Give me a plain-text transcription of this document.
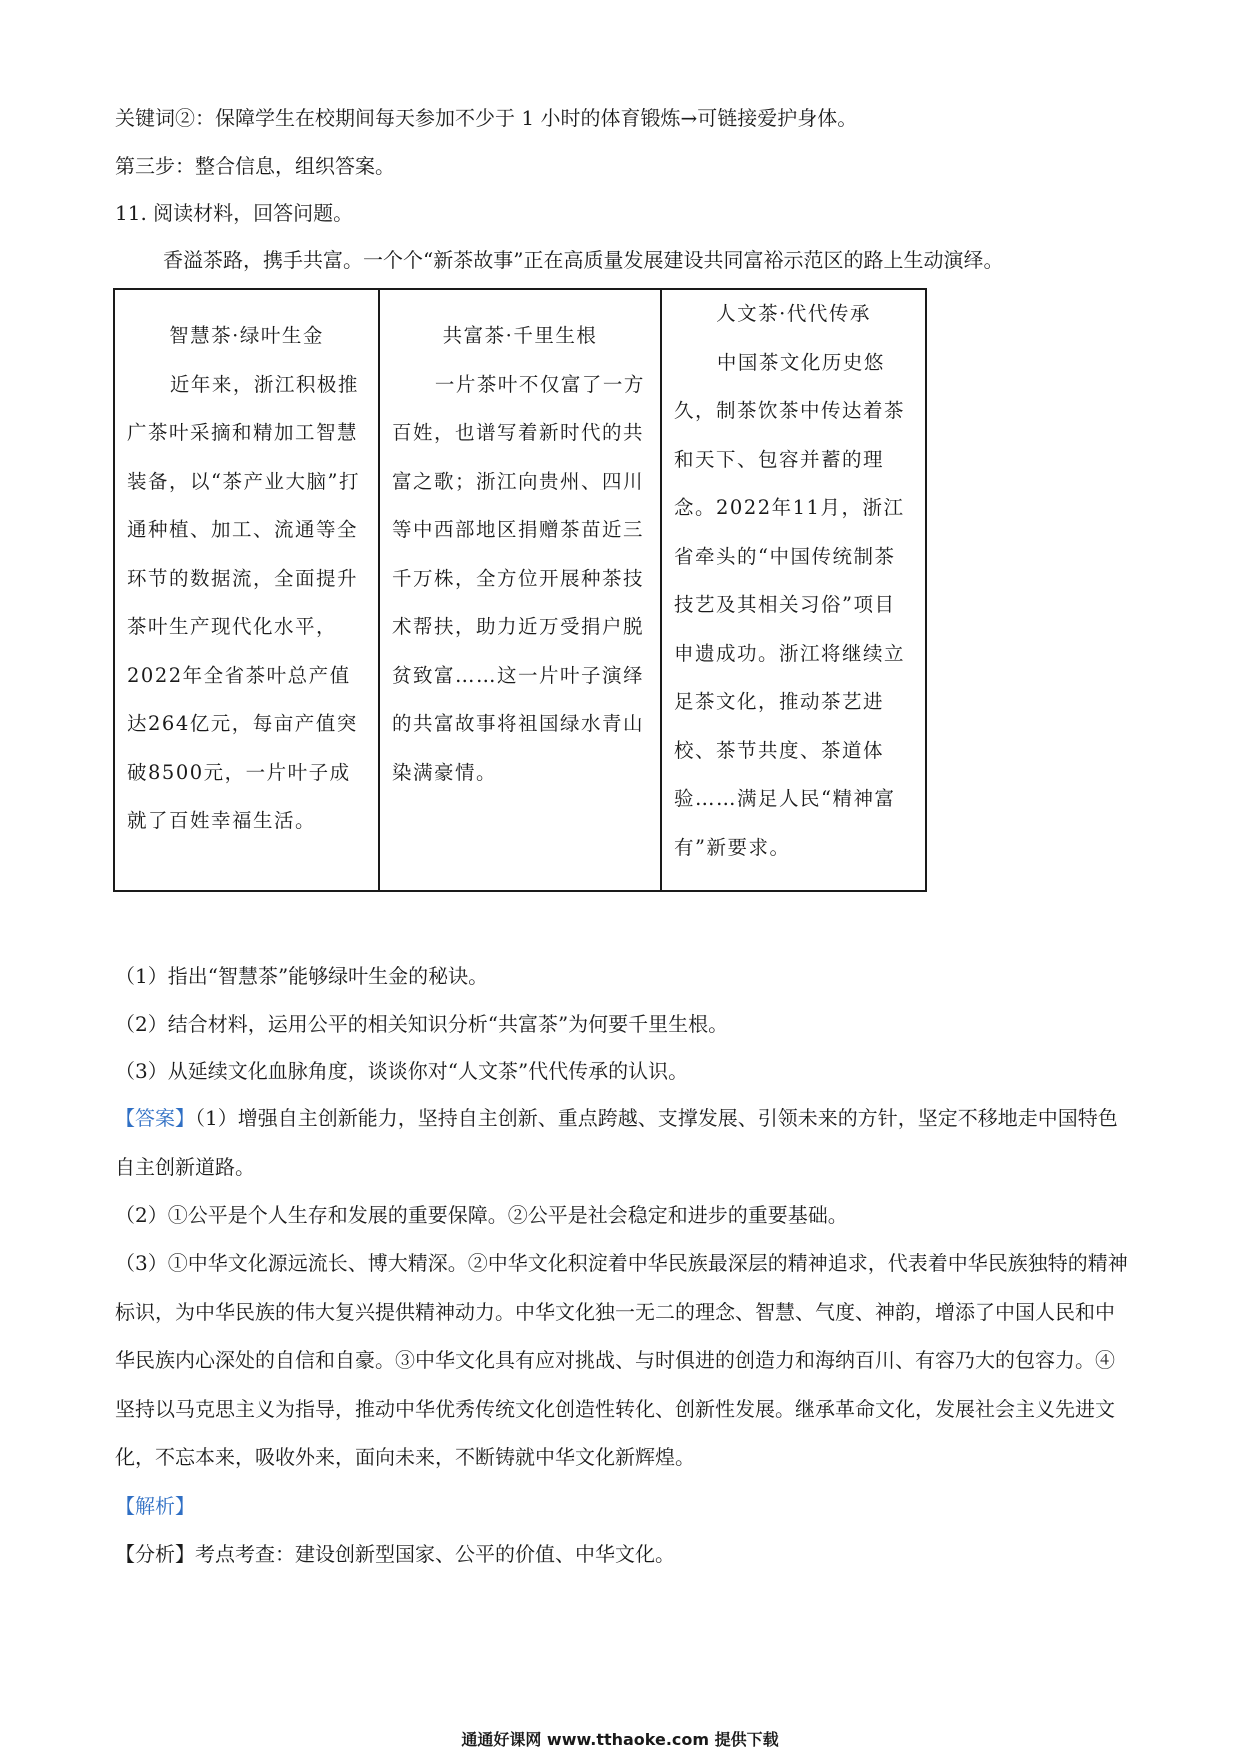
关键词②：保障学生在校期间每天参加不少于 1 小时的体育锻炼→可链接爱护身体。
第三步：整合信息，组织答案。
11. 阅读材料，回答问题。
香溢茶路，携手共富。一个个“新茶故事”正在高质量发展建设共同富裕示范区的路上生动演绎。
智慧茶·绿叶生金
近年来，浙江积极推广茶叶采摘和精加工智慧装备，以“茶产业大脑”打通种植、加工、流通等全环节的数据流，全面提升茶叶生产现代化水平，2022年全省茶叶总产值达264亿元，每亩产值突破8500元，一片叶子成就了百姓幸福生活。
共富茶·千里生根
一片茶叶不仅富了一方百姓，也谱写着新时代的共富之歌；浙江向贵州、四川等中西部地区捐赠茶苗近三千万株，全方位开展种茶技术帮扶，助力近万受捐户脱贫致富……这一片叶子演绎的共富故事将祖国绿水青山染满豪情。
人文茶·代代传承
中国茶文化历史悠久，制茶饮茶中传达着茶和天下、包容并蓄的理念。2022年11月，浙江省牵头的“中国传统制茶技艺及其相关习俗”项目申遗成功。浙江将继续立足茶文化，推动茶艺进校、茶节共度、茶道体验……满足人民“精神富有”新要求。
（1）指出“智慧茶”能够绿叶生金的秘诀。
（2）结合材料，运用公平的相关知识分析“共富茶”为何要千里生根。
（3）从延续文化血脉角度，谈谈你对“人文茶”代代传承的认识。
【答案】（1）增强自主创新能力，坚持自主创新、重点跨越、支撑发展、引领未来的方针，坚定不移地走中国特色自主创新道路。
（2）①公平是个人生存和发展的重要保障。②公平是社会稳定和进步的重要基础。
（3）①中华文化源远流长、博大精深。②中华文化积淀着中华民族最深层的精神追求，代表着中华民族独特的精神标识，为中华民族的伟大复兴提供精神动力。中华文化独一无二的理念、智慧、气度、神韵，增添了中国人民和中华民族内心深处的自信和自豪。③中华文化具有应对挑战、与时俱进的创造力和海纳百川、有容乃大的包容力。④坚持以马克思主义为指导，推动中华优秀传统文化创造性转化、创新性发展。继承革命文化，发展社会主义先进文化，不忘本来，吸收外来，面向未来，不断铸就中华文化新辉煌。
【解析】
【分析】考点考查：建设创新型国家、公平的价值、中华文化。
通通好课网 www.tthaoke.com 提供下载
